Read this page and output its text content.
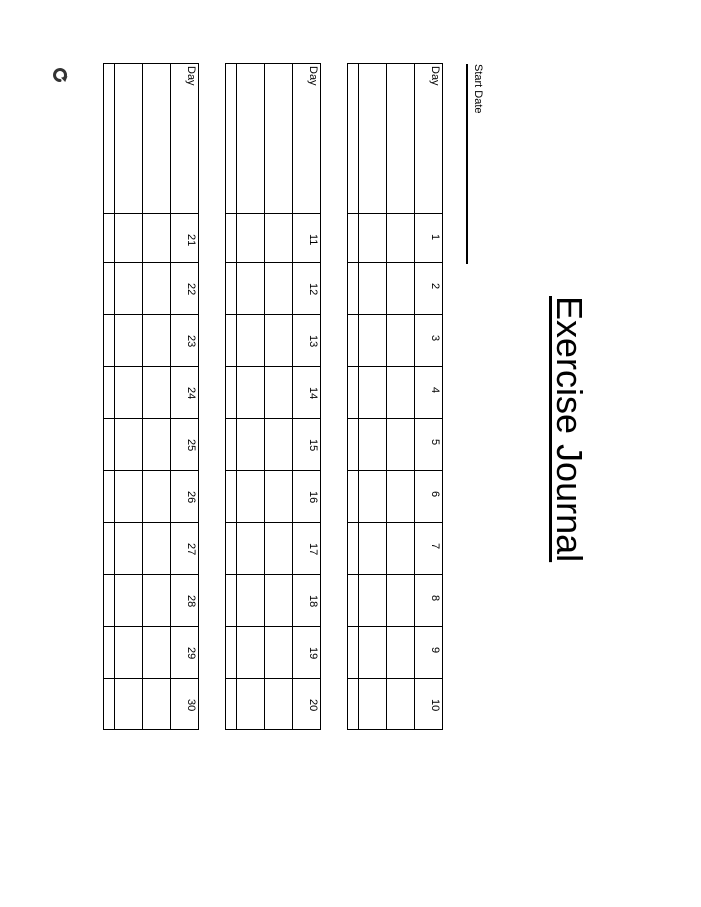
Exercise Journal
Start Date
Day
1
2
3
4
5
6
7
8
9
10
Day
11
12
13
14
15
16
17
18
19
20
Day
21
22
23
24
25
26
27
28
29
30
